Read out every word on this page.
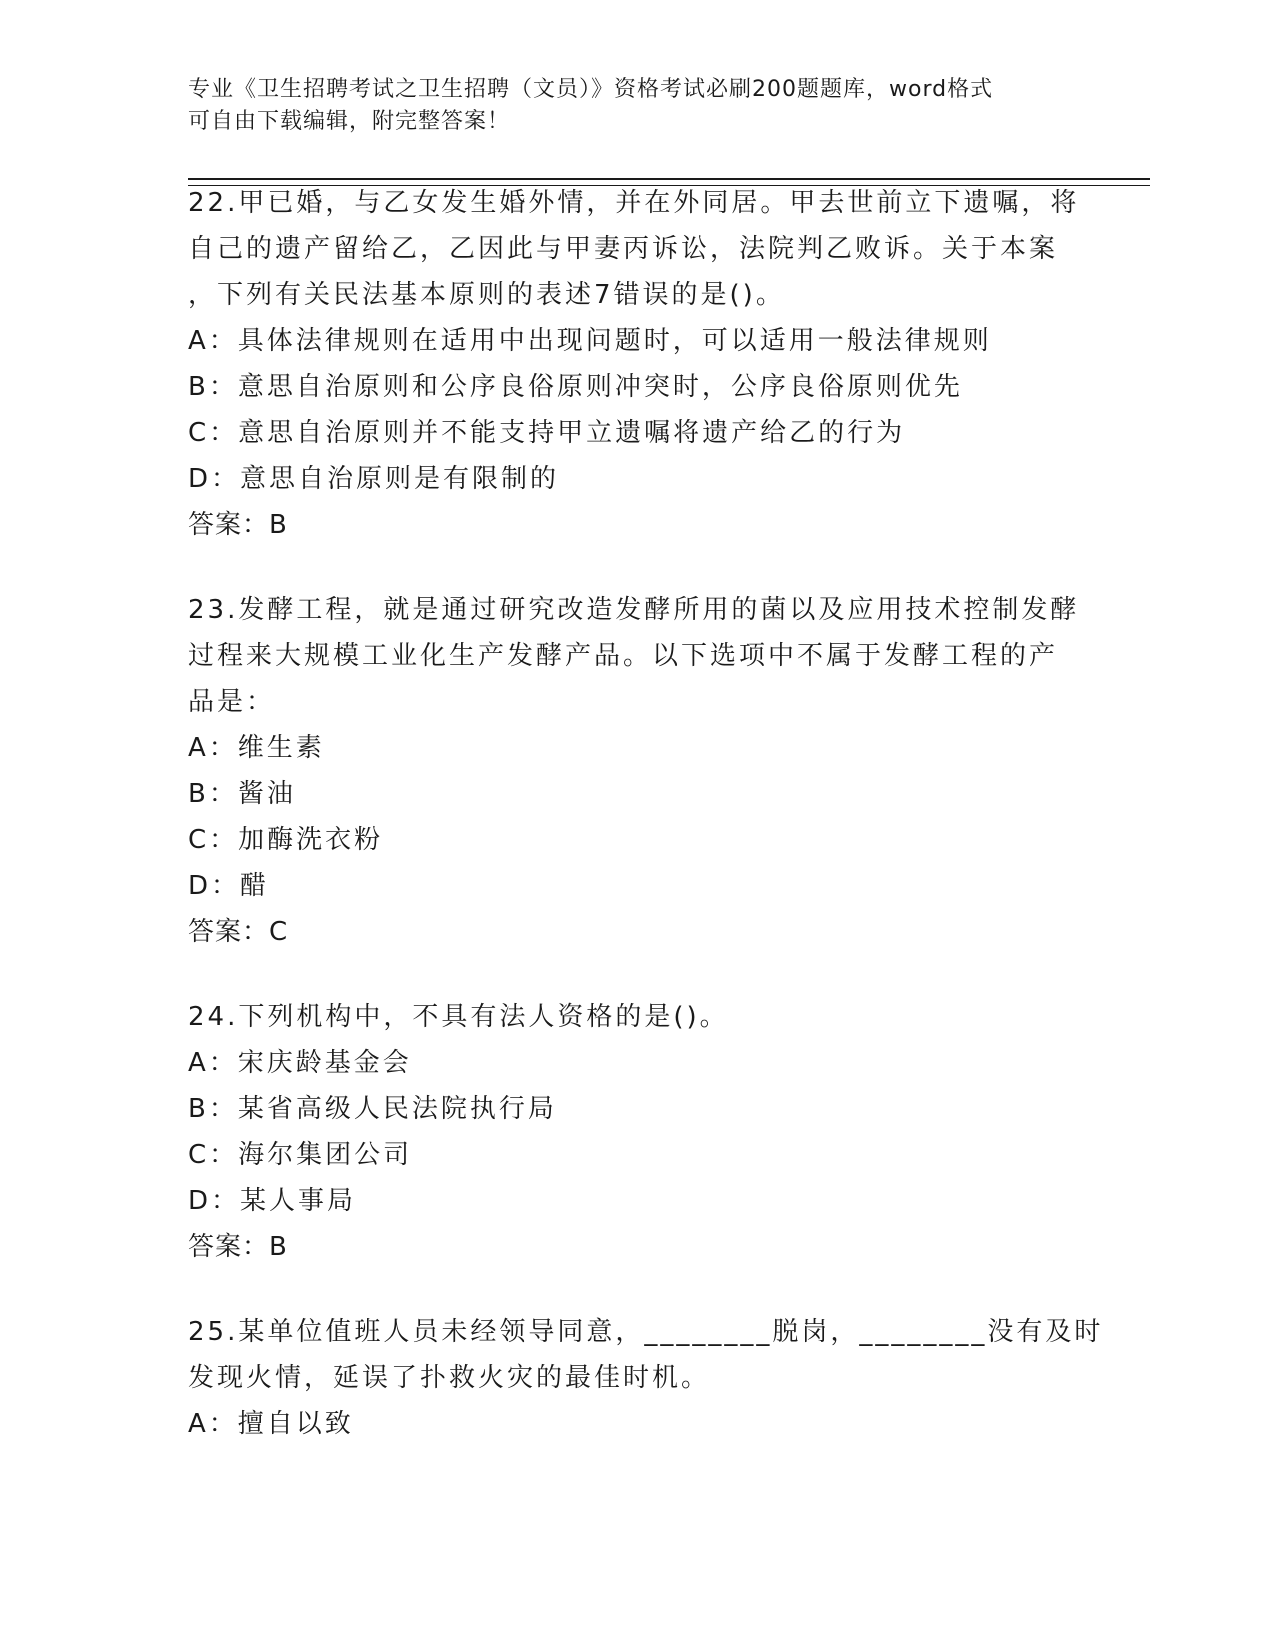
专业《卫生招聘考试之卫生招聘（文员）》资格考试必刷200题题库，word格式
可自由下载编辑，附完整答案！
22.甲已婚，与乙女发生婚外情，并在外同居。甲去世前立下遗嘱，将
自己的遗产留给乙，乙因此与甲妻丙诉讼，法院判乙败诉。关于本案
，下列有关民法基本原则的表述7错误的是()。
A：具体法律规则在适用中出现问题时，可以适用一般法律规则
B：意思自治原则和公序良俗原则冲突时，公序良俗原则优先
C：意思自治原则并不能支持甲立遗嘱将遗产给乙的行为
D：意思自治原则是有限制的
答案：B
23.发酵工程，就是通过研究改造发酵所用的菌以及应用技术控制发酵
过程来大规模工业化生产发酵产品。以下选项中不属于发酵工程的产
品是：
A：维生素
B：酱油
C：加酶洗衣粉
D：醋
答案：C
24.下列机构中，不具有法人资格的是()。
A：宋庆龄基金会
B：某省高级人民法院执行局
C：海尔集团公司
D：某人事局
答案：B
25.某单位值班人员未经领导同意，________脱岗，________没有及时
发现火情，延误了扑救火灾的最佳时机。
A：擅自以致
